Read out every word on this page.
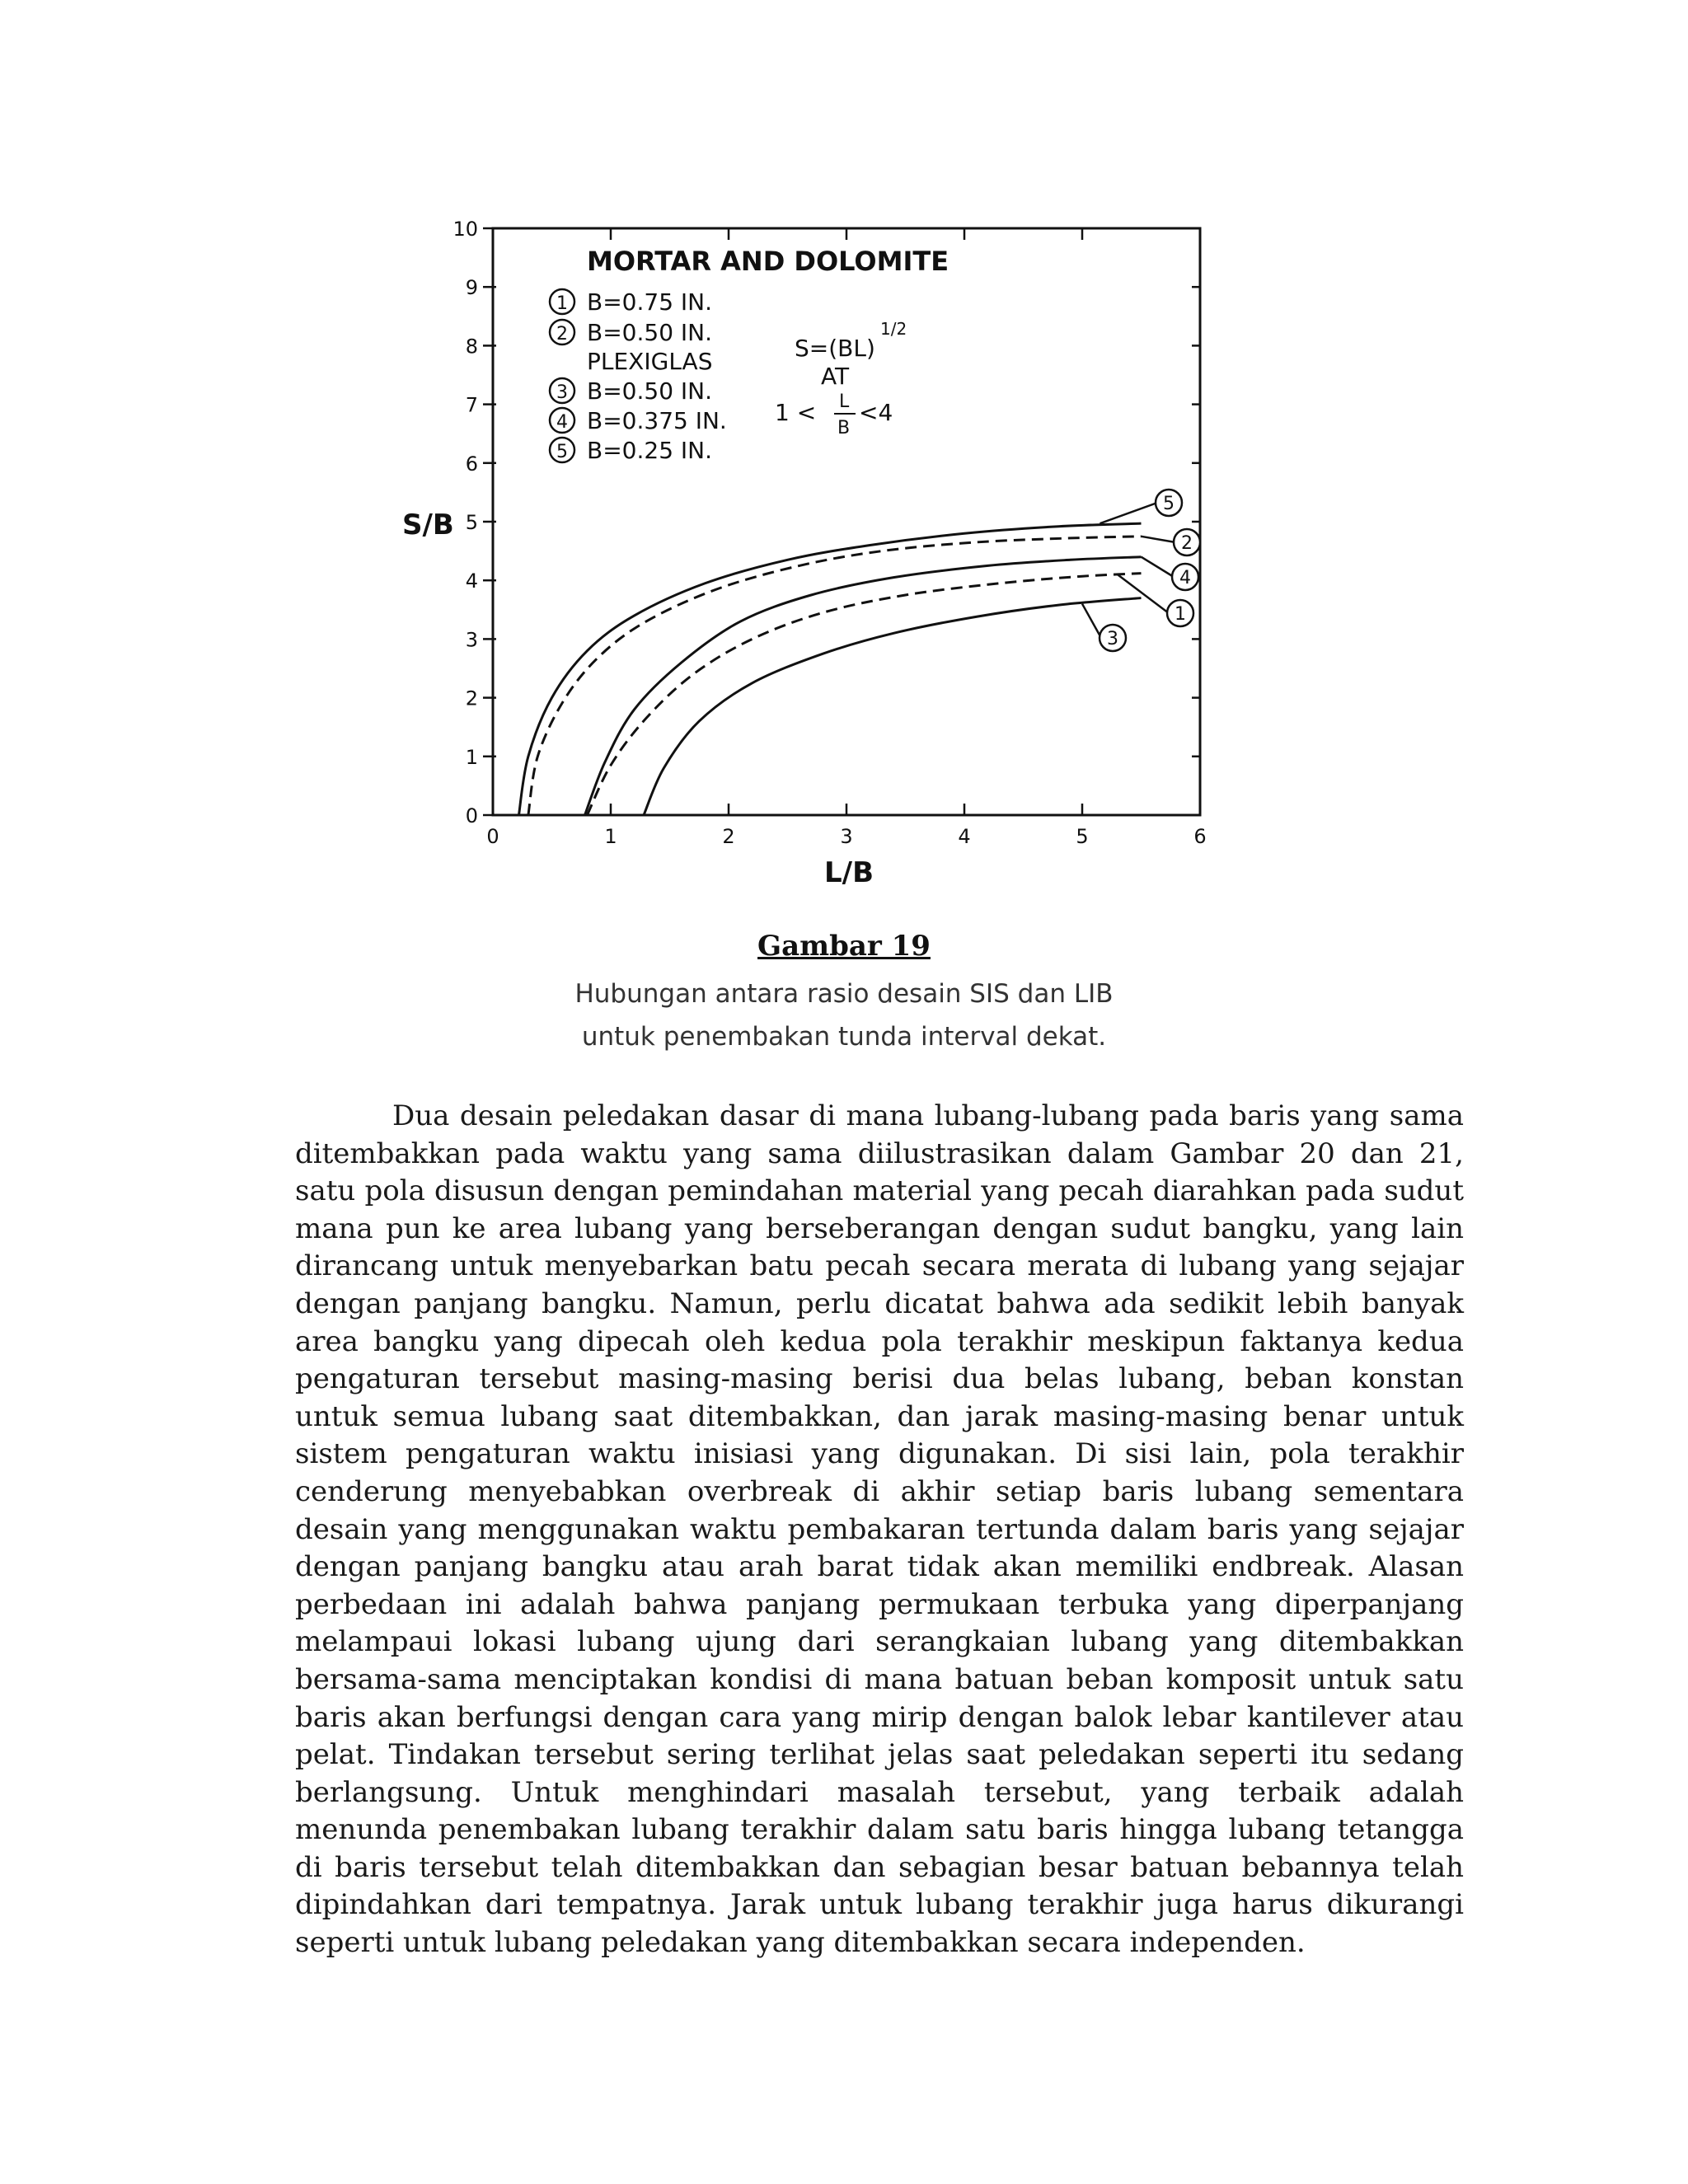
0	1	2	3	4	5	6
0
1
2
3
4
5
6
7
8
9
10
5
2
4
1
3
S/B
L/B
MORTAR AND DOLOMITE
1 B=0.75 IN.
2 B=0.50 IN.
PLEXIGLAS
3 B=0.50 IN.
4 B=0.375 IN.
5 B=0.25 IN.
S=(BL)
1/2
AT
1 < L
B
<4
Gambar 19
Hubungan antara rasio desain SIS dan LIB
untuk penembakan tunda interval dekat.

Dua desain peledakan dasar di mana lubang-lubang pada baris yang sama ditembakkan pada waktu yang sama diilustrasikan dalam Gambar 20 dan 21, satu pola disusun dengan pemindahan material yang pecah diarahkan pada sudut mana pun ke area lubang yang berseberangan dengan sudut bangku, yang lain dirancang untuk menyebarkan batu pecah secara merata di lubang yang sejajar dengan panjang bangku. Namun, perlu dicatat bahwa ada sedikit lebih banyak area bangku yang dipecah oleh kedua pola terakhir meskipun faktanya kedua pengaturan tersebut masing-masing berisi dua belas lubang, beban konstan untuk semua lubang saat ditembakkan, dan jarak masing-masing benar untuk sistem pengaturan waktu inisiasi yang digunakan. Di sisi lain, pola terakhir cenderung menyebabkan overbreak di akhir setiap baris lubang sementara desain yang menggunakan waktu pembakaran tertunda dalam baris yang sejajar dengan panjang bangku atau arah barat tidak akan memiliki endbreak. Alasan perbedaan ini adalah bahwa panjang permukaan terbuka yang diperpanjang melampaui lokasi lubang ujung dari serangkaian lubang yang ditembakkan bersama-sama menciptakan kondisi di mana batuan beban komposit untuk satu baris akan berfungsi dengan cara yang mirip dengan balok lebar kantilever atau pelat. Tindakan tersebut sering terlihat jelas saat peledakan seperti itu sedang berlangsung. Untuk menghindari masalah tersebut, yang terbaik adalah menunda penembakan lubang terakhir dalam satu baris hingga lubang tetangga di baris tersebut telah ditembakkan dan sebagian besar batuan bebannya telah dipindahkan dari tempatnya. Jarak untuk lubang terakhir juga harus dikurangi seperti untuk lubang peledakan yang ditembakkan secara independen.
